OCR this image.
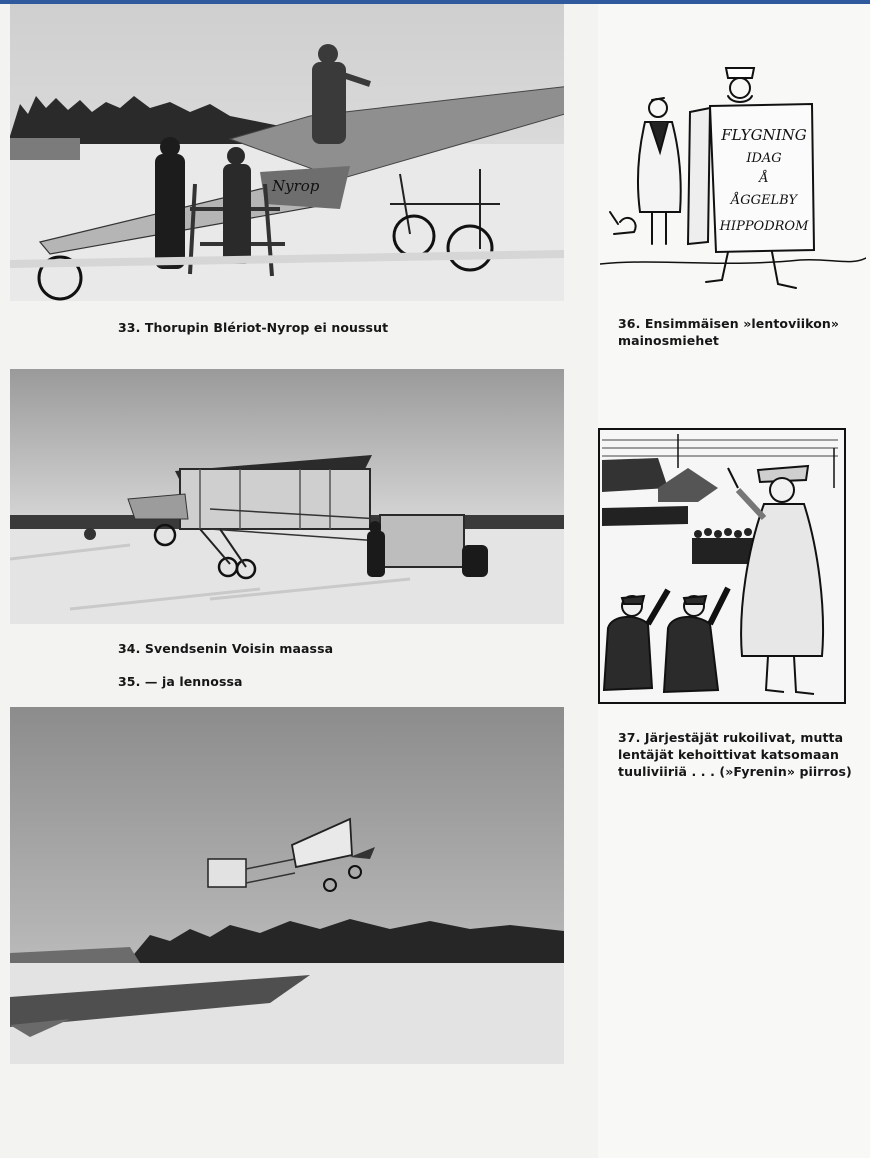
Nyrop
33. Thorupin Blériot-Nyrop ei noussut
34. Svendsenin Voisin maassa
35. — ja lennossa
FLYGNING
IDAG
Å
ÅGGELBY
HIPPODROM
36. Ensimmäisen »lentoviikon»
mainosmiehet
37. Järjestäjät rukoilivat, mutta
lentäjät kehoittivat katsomaan
tuuliviiriä . . . (»Fyrenin» piirros)
